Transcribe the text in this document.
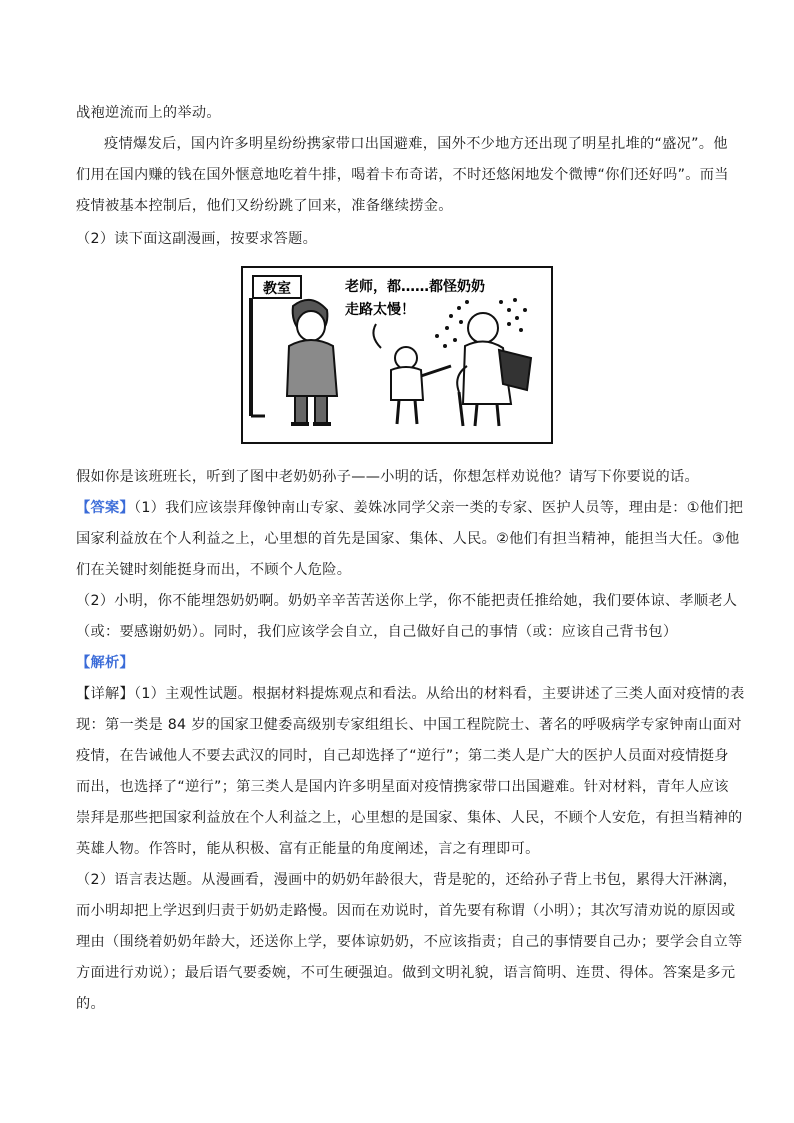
战袍逆流而上的举动。
疫情爆发后，国内许多明星纷纷携家带口出国避难，国外不少地方还出现了明星扎堆的“盛况”。他
们用在国内赚的钱在国外惬意地吃着牛排，喝着卡布奇诺，不时还悠闲地发个微博“你们还好吗”。而当
疫情被基本控制后，他们又纷纷跳了回来，准备继续捞金。
（2）读下面这副漫画，按要求答题。
教室	老师，都……都怪奶奶
走路太慢！
假如你是该班班长，听到了图中老奶奶孙子——小明的话，你想怎样劝说他？请写下你要说的话。
【答案】（1）我们应该崇拜像钟南山专家、姜姝冰同学父亲一类的专家、医护人员等，理由是：①他们把
国家利益放在个人利益之上，心里想的首先是国家、集体、人民。②他们有担当精神，能担当大任。③他
们在关键时刻能挺身而出，不顾个人危险。
（2）小明，你不能埋怨奶奶啊。奶奶辛辛苦苦送你上学，你不能把责任推给她，我们要体谅、孝顺老人
（或：要感谢奶奶）。同时，我们应该学会自立，自己做好自己的事情（或：应该自己背书包）
【解析】
【详解】（1）主观性试题。根据材料提炼观点和看法。从给出的材料看，主要讲述了三类人面对疫情的表
现：第一类是 84 岁的国家卫健委高级别专家组组长、中国工程院院士、著名的呼吸病学专家钟南山面对
疫情，在告诫他人不要去武汉的同时，自己却选择了“逆行”；第二类人是广大的医护人员面对疫情挺身
而出，也选择了“逆行”；第三类人是国内许多明星面对疫情携家带口出国避难。针对材料，青年人应该
崇拜是那些把国家利益放在个人利益之上，心里想的是国家、集体、人民，不顾个人安危，有担当精神的
英雄人物。作答时，能从积极、富有正能量的角度阐述，言之有理即可。
（2）语言表达题。从漫画看，漫画中的奶奶年龄很大，背是驼的，还给孙子背上书包，累得大汗淋漓，
而小明却把上学迟到归责于奶奶走路慢。因而在劝说时，首先要有称谓（小明）；其次写清劝说的原因或
理由（围绕着奶奶年龄大，还送你上学，要体谅奶奶，不应该指责；自己的事情要自己办；要学会自立等
方面进行劝说）；最后语气要委婉，不可生硬强迫。做到文明礼貌，语言简明、连贯、得体。答案是多元
的。
